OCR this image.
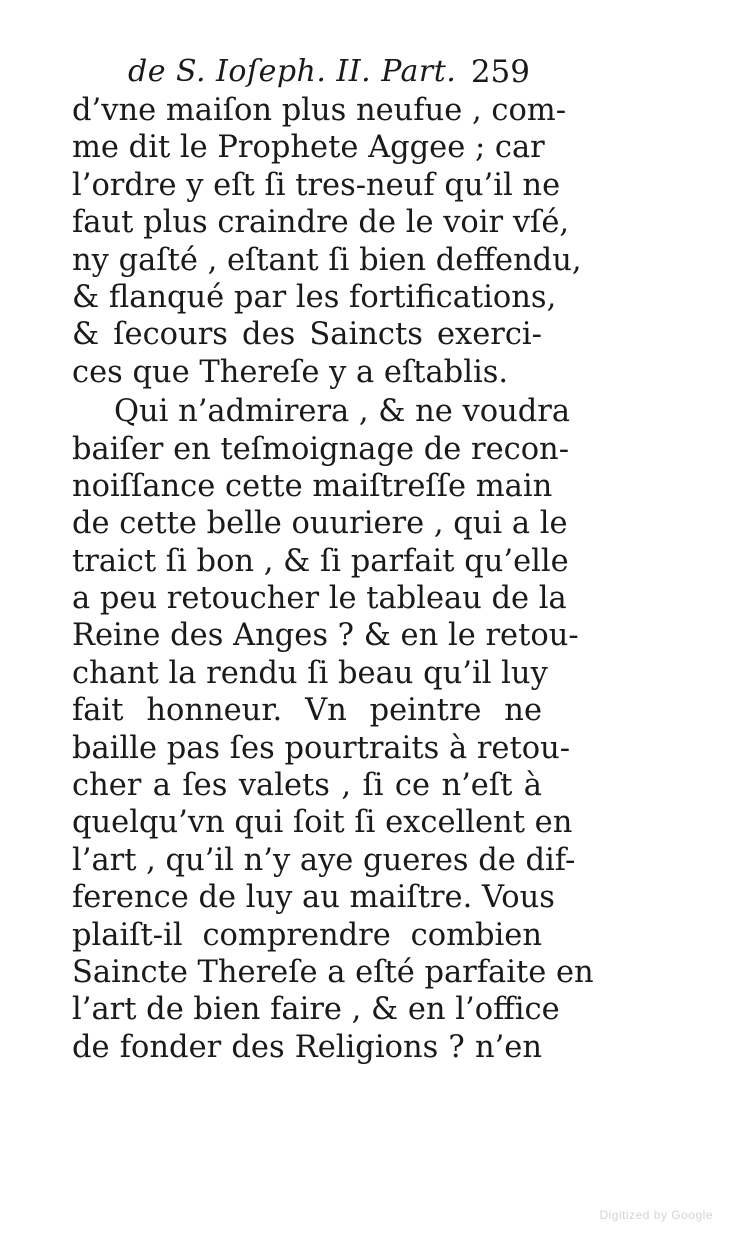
de S. Ioſeph. II. Part. 259
d’vne maiſon plus neufue , com-
me dit le Prophete Aggee ; car
l’ordre y eſt ſi tres-neuf qu’il ne
faut plus craindre de le voir vſé,
ny gaſté , eſtant ſi bien deffendu,
& flanqué par les fortifications,
& ſecours des Saincts exerci-
ces que Thereſe y a eſtablis.
Qui n’admirera , & ne voudra
baiſer en teſmoignage de recon-
noiſſance cette maiſtreſſe main
de cette belle ouuriere , qui a le
traict ſi bon , & ſi parfait qu’elle
a peu retoucher le tableau de la
Reine des Anges ? & en le retou-
chant la rendu ſi beau qu’il luy
fait honneur. Vn peintre ne
baille pas ſes pourtraits à retou-
cher a ſes valets , ſi ce n’eſt à
quelqu’vn qui ſoit ſi excellent en
l’art , qu’il n’y aye gueres de dif-
ference de luy au maiſtre. Vous
plaiſt-il comprendre combien
Saincte Thereſe a eſté parfaite en
l’art de bien faire , & en l’office
de fonder des Religions ? n’en
Digitized by Google
